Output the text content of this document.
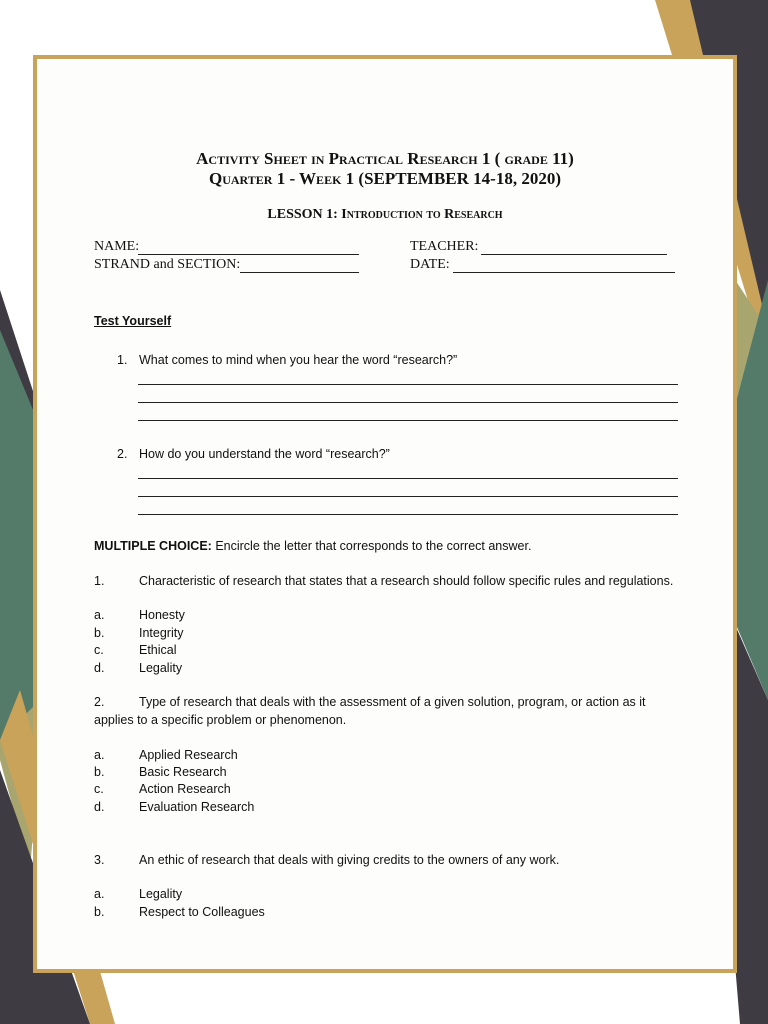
Activity Sheet in Practical Research 1 ( grade 11)
Quarter 1 - Week 1 (SEPTEMBER 14-18, 2020)
LESSON 1: Introduction to Research
NAME:	TEACHER:
STRAND and SECTION:	DATE:
Test Yourself
1. What comes to mind when you hear the word “research?”
2. How do you understand the word “research?”
MULTIPLE CHOICE: Encircle the letter that corresponds to the correct answer.
1.	Characteristic of research that states that a research should follow specific rules and regulations.
a.	Honesty
b.	Integrity
c.	Ethical
d.	Legality
2.	Type of research that deals with the assessment of a given solution, program, or action as it
applies to a specific problem or phenomenon.
a.	Applied Research
b.	Basic Research
c.	Action Research
d.	Evaluation Research
3.	An ethic of research that deals with giving credits to the owners of any work.
a.	Legality
b.	Respect to Colleagues
